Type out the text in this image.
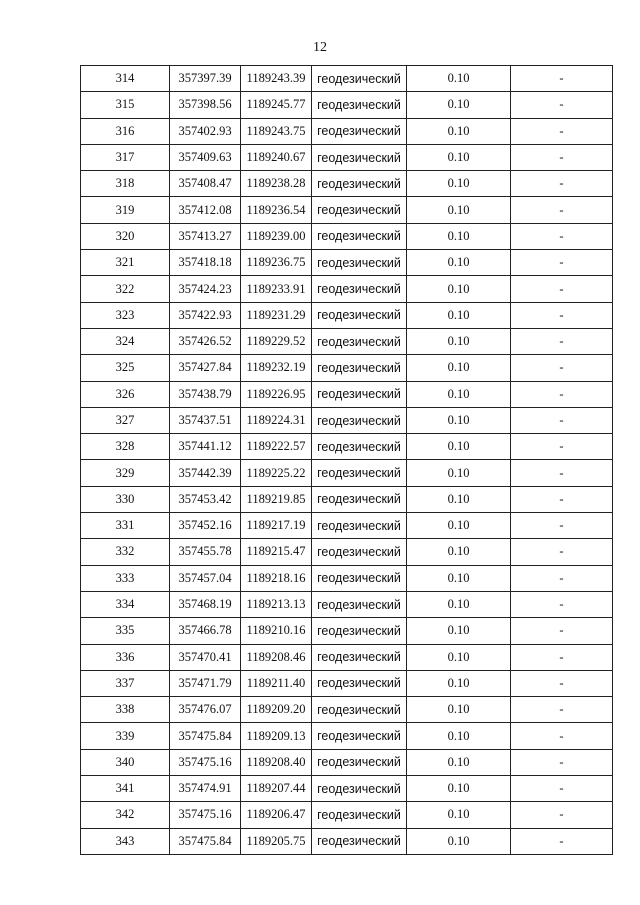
12
314	357397.39	1189243.39	геодезический	0.10	-
315	357398.56	1189245.77	геодезический	0.10	-
316	357402.93	1189243.75	геодезический	0.10	-
317	357409.63	1189240.67	геодезический	0.10	-
318	357408.47	1189238.28	геодезический	0.10	-
319	357412.08	1189236.54	геодезический	0.10	-
320	357413.27	1189239.00	геодезический	0.10	-
321	357418.18	1189236.75	геодезический	0.10	-
322	357424.23	1189233.91	геодезический	0.10	-
323	357422.93	1189231.29	геодезический	0.10	-
324	357426.52	1189229.52	геодезический	0.10	-
325	357427.84	1189232.19	геодезический	0.10	-
326	357438.79	1189226.95	геодезический	0.10	-
327	357437.51	1189224.31	геодезический	0.10	-
328	357441.12	1189222.57	геодезический	0.10	-
329	357442.39	1189225.22	геодезический	0.10	-
330	357453.42	1189219.85	геодезический	0.10	-
331	357452.16	1189217.19	геодезический	0.10	-
332	357455.78	1189215.47	геодезический	0.10	-
333	357457.04	1189218.16	геодезический	0.10	-
334	357468.19	1189213.13	геодезический	0.10	-
335	357466.78	1189210.16	геодезический	0.10	-
336	357470.41	1189208.46	геодезический	0.10	-
337	357471.79	1189211.40	геодезический	0.10	-
338	357476.07	1189209.20	геодезический	0.10	-
339	357475.84	1189209.13	геодезический	0.10	-
340	357475.16	1189208.40	геодезический	0.10	-
341	357474.91	1189207.44	геодезический	0.10	-
342	357475.16	1189206.47	геодезический	0.10	-
343	357475.84	1189205.75	геодезический	0.10	-
